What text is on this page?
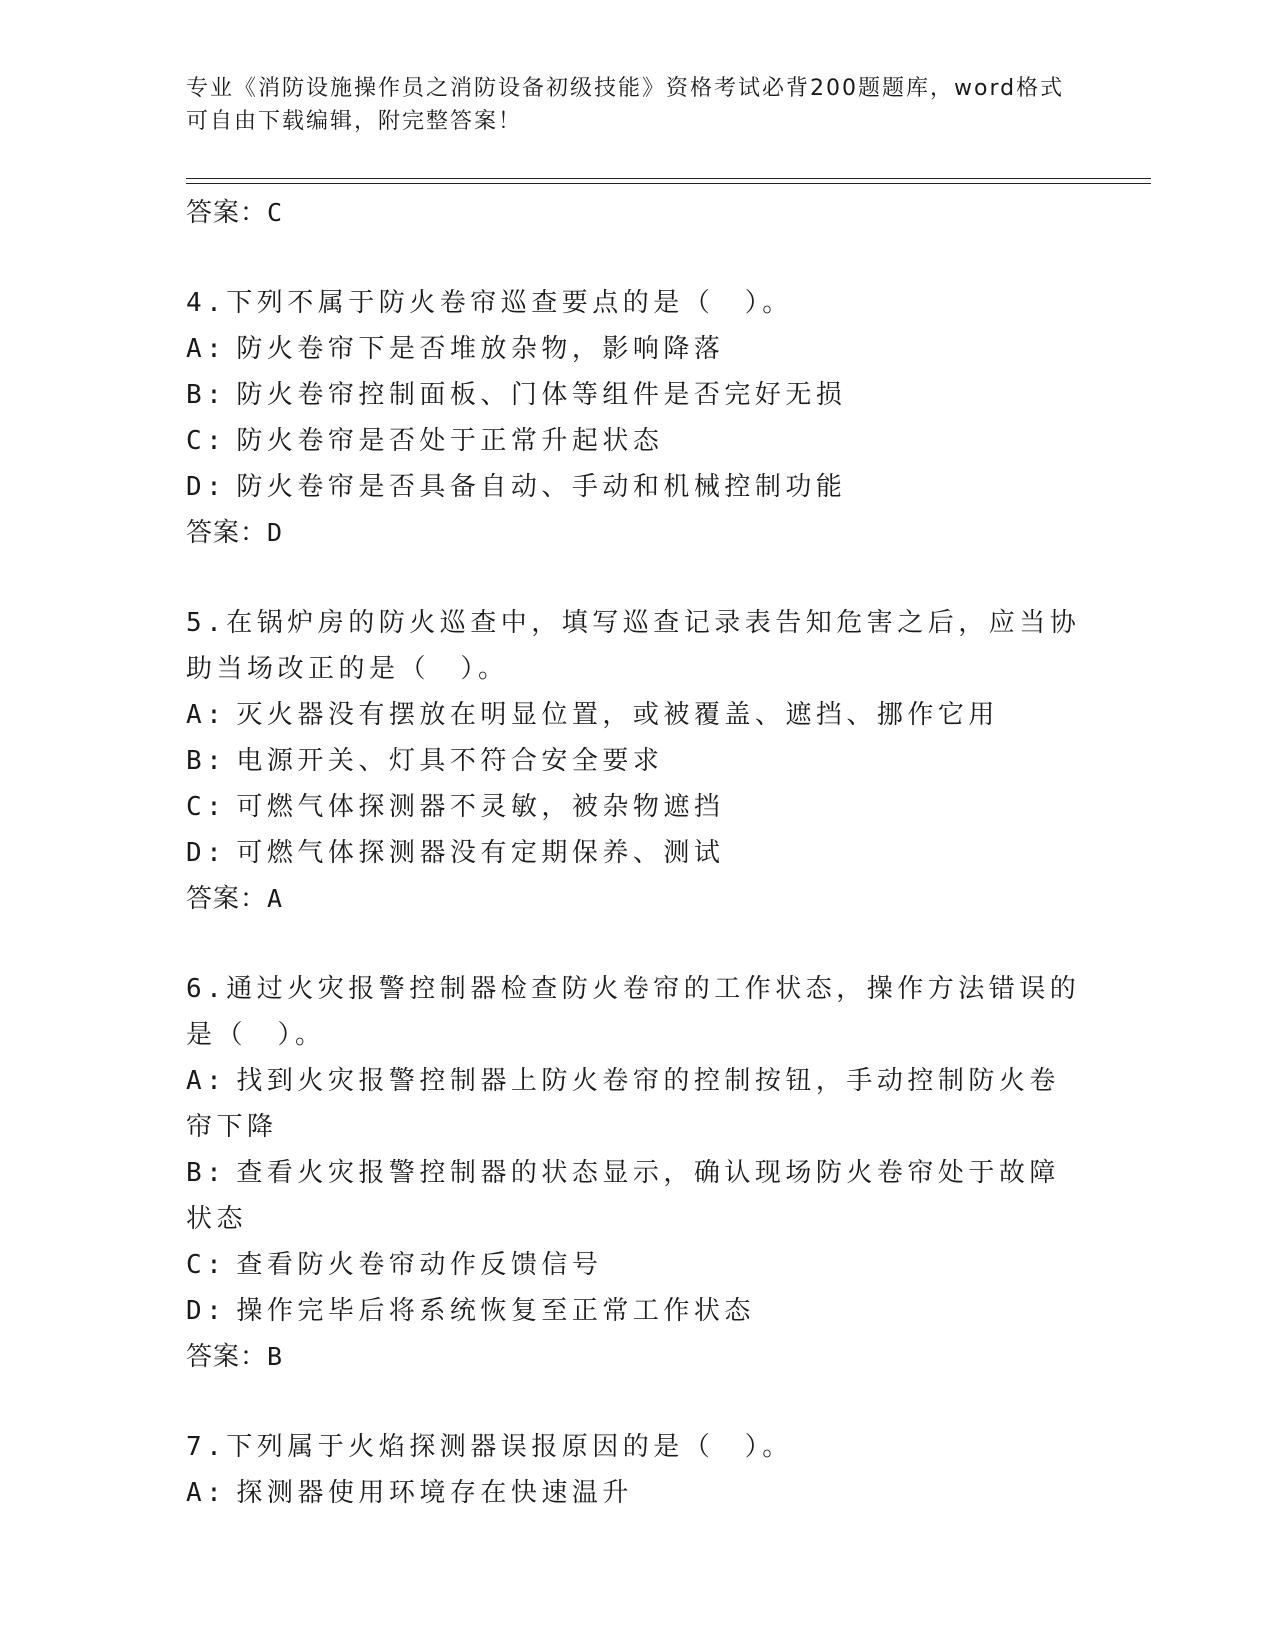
专业《消防设施操作员之消防设备初级技能》资格考试必背200题题库，word格式可自由下载编辑，附完整答案！
答案：C
4.下列不属于防火卷帘巡查要点的是（　）。
A: 防火卷帘下是否堆放杂物，影响降落
B: 防火卷帘控制面板、门体等组件是否完好无损
C: 防火卷帘是否处于正常升起状态
D: 防火卷帘是否具备自动、手动和机械控制功能
答案：D
5.在锅炉房的防火巡查中，填写巡查记录表告知危害之后，应当协助当场改正的是（　）。
A: 灭火器没有摆放在明显位置，或被覆盖、遮挡、挪作它用
B: 电源开关、灯具不符合安全要求
C: 可燃气体探测器不灵敏，被杂物遮挡
D: 可燃气体探测器没有定期保养、测试
答案：A
6.通过火灾报警控制器检查防火卷帘的工作状态，操作方法错误的是（　）。
A: 找到火灾报警控制器上防火卷帘的控制按钮，手动控制防火卷帘下降
B: 查看火灾报警控制器的状态显示，确认现场防火卷帘处于故障状态
C: 查看防火卷帘动作反馈信号
D: 操作完毕后将系统恢复至正常工作状态
答案：B
7.下列属于火焰探测器误报原因的是（　）。
A: 探测器使用环境存在快速温升
